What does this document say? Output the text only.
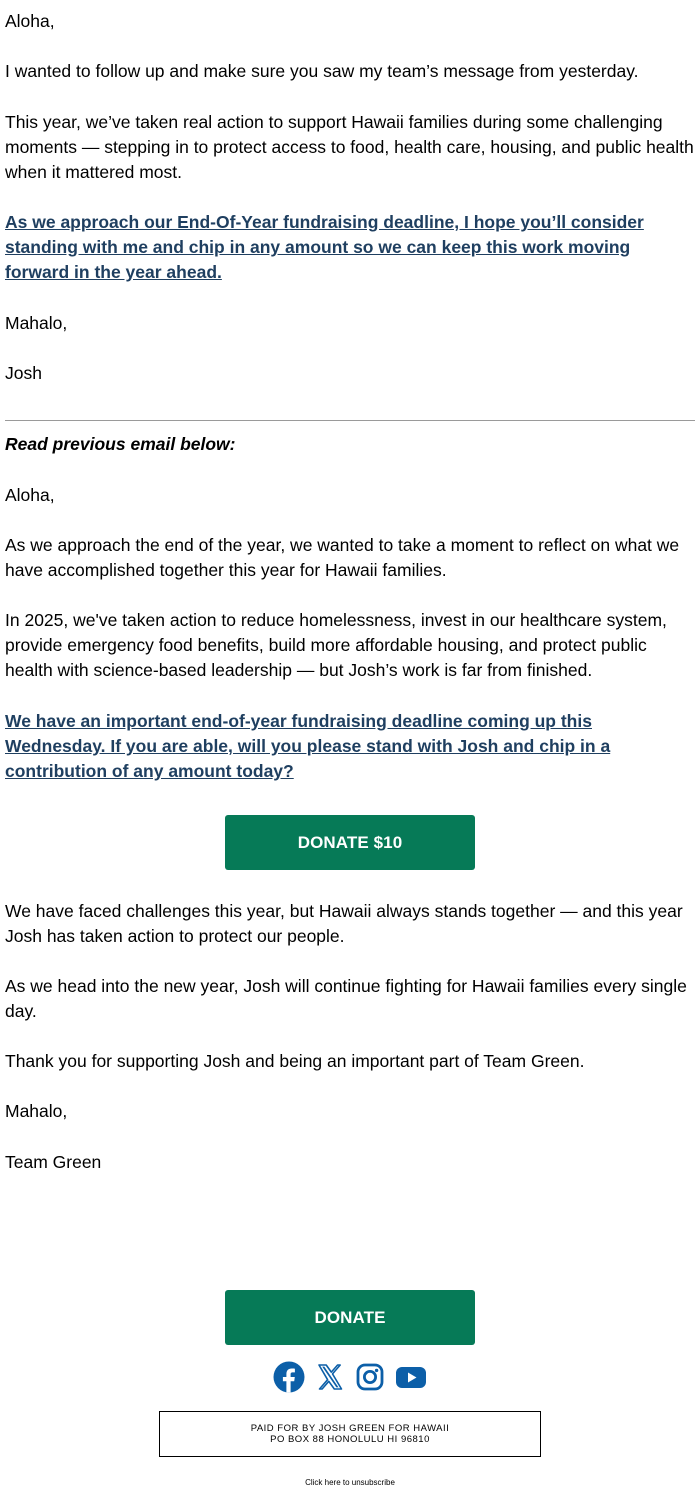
Aloha,

I wanted to follow up and make sure you saw my team’s message from yesterday.

This year, we’ve taken real action to support Hawaii families during some challenging moments — stepping in to protect access to food, health care, housing, and public health when it mattered most.

As we approach our End-Of-Year fundraising deadline, I hope you’ll consider standing with me and chip in any amount so we can keep this work moving forward in the year ahead.

Mahalo,

Josh

Read previous email below:

Aloha,

As we approach the end of the year, we wanted to take a moment to reflect on what we have accomplished together this year for Hawaii families.

In 2025, we've taken action to reduce homelessness, invest in our healthcare system, provide emergency food benefits, build more affordable housing, and protect public health with science-based leadership — but Josh’s work is far from finished.

We have an important end-of-year fundraising deadline coming up this Wednesday. If you are able, will you please stand with Josh and chip in a contribution of any amount today?

We have faced challenges this year, but Hawaii always stands together — and this year Josh has taken action to protect our people.

As we head into the new year, Josh will continue fighting for Hawaii families every single day.

Thank you for supporting Josh and being an important part of Team Green.

Mahalo,

Team Green

DONATE $10
DONATE
PAID FOR BY JOSH GREEN FOR HAWAII
PO BOX 88 HONOLULU HI 96810
Click here to unsubscribe
